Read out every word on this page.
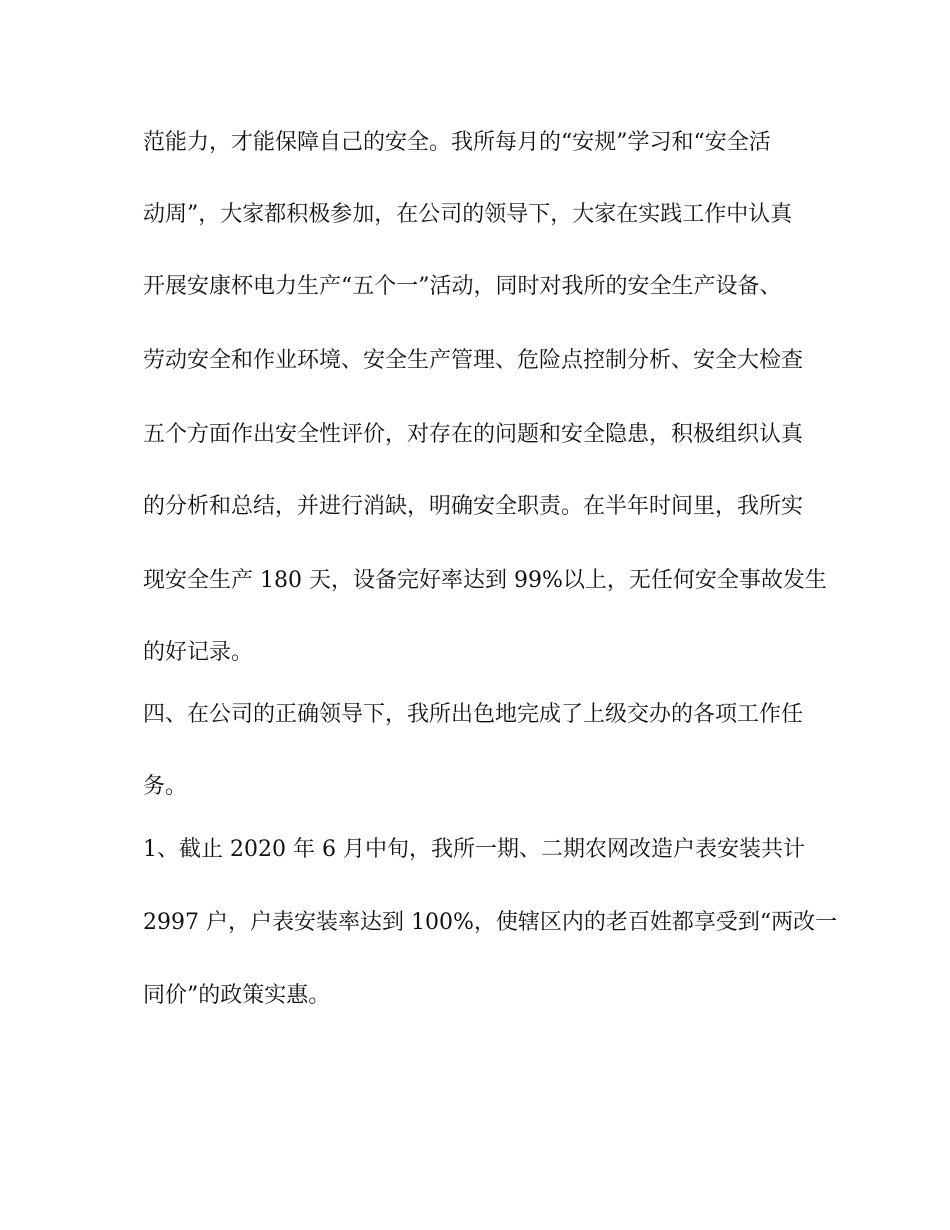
范能力，才能保障自己的安全。我所每月的“安规”学习和“安全活
动周”，大家都积极参加，在公司的领导下，大家在实践工作中认真
开展安康杯电力生产“五个一”活动，同时对我所的安全生产设备、
劳动安全和作业环境、安全生产管理、危险点控制分析、安全大检查
五个方面作出安全性评价，对存在的问题和安全隐患，积极组织认真
的分析和总结，并进行消缺，明确安全职责。在半年时间里，我所实
现安全生产 180 天，设备完好率达到 99%以上，无任何安全事故发生
的好记录。
四、在公司的正确领导下，我所出色地完成了上级交办的各项工作任
务。
1、截止 2020 年 6 月中旬，我所一期、二期农网改造户表安装共计
2997 户，户表安装率达到 100%，使辖区内的老百姓都享受到“两改一
同价”的政策实惠。
